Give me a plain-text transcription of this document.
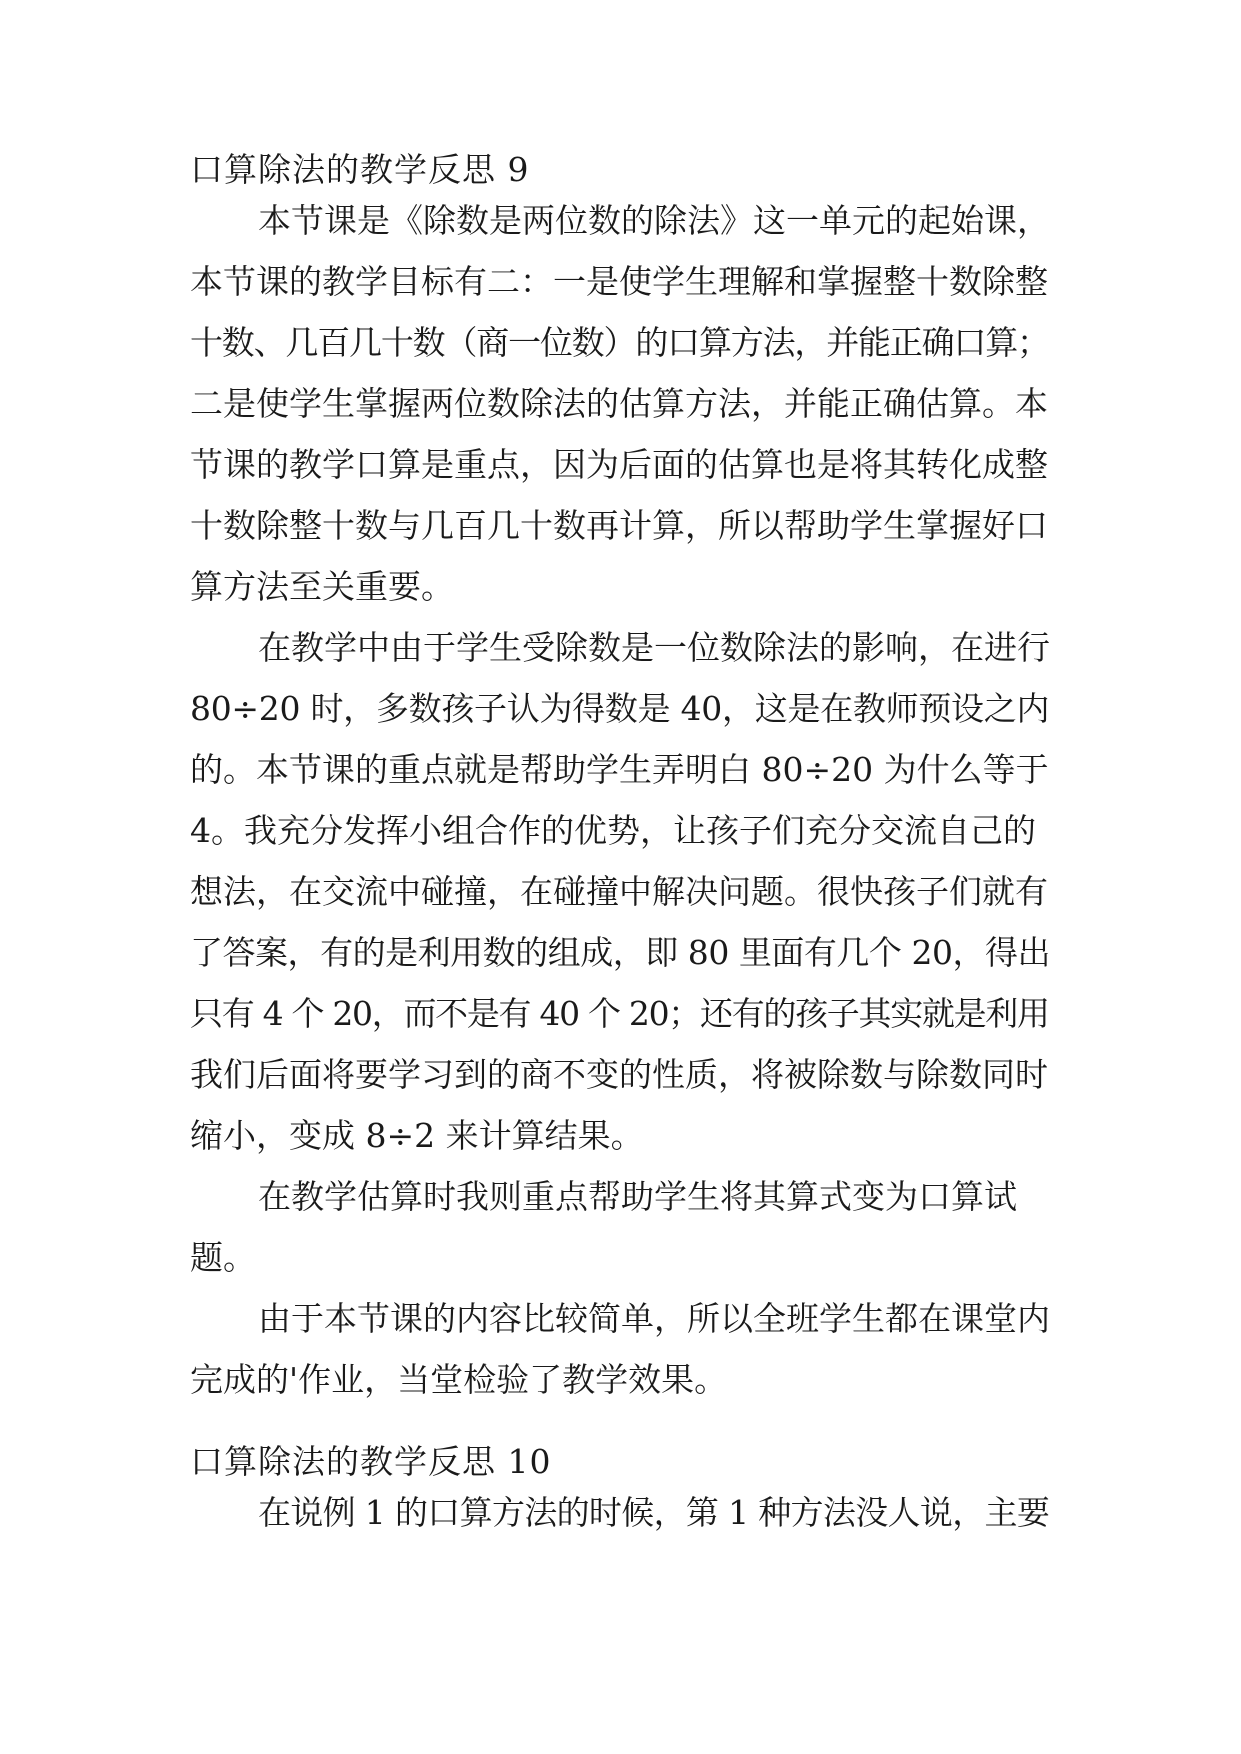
口算除法的教学反思 9
本节课是《除数是两位数的除法》这一单元的起始课，
本节课的教学目标有二：一是使学生理解和掌握整十数除整
十数、几百几十数（商一位数）的口算方法，并能正确口算；
二是使学生掌握两位数除法的估算方法，并能正确估算。本
节课的教学口算是重点，因为后面的估算也是将其转化成整
十数除整十数与几百几十数再计算，所以帮助学生掌握好口
算方法至关重要。
在教学中由于学生受除数是一位数除法的影响，在进行
80÷20 时，多数孩子认为得数是 40，这是在教师预设之内
的。本节课的重点就是帮助学生弄明白 80÷20 为什么等于
4。我充分发挥小组合作的优势，让孩子们充分交流自己的
想法，在交流中碰撞，在碰撞中解决问题。很快孩子们就有
了答案，有的是利用数的组成，即 80 里面有几个 20，得出
只有 4 个 20，而不是有 40 个 20；还有的孩子其实就是利用
我们后面将要学习到的商不变的性质，将被除数与除数同时
缩小，变成 8÷2 来计算结果。
在教学估算时我则重点帮助学生将其算式变为口算试
题。
由于本节课的内容比较简单，所以全班学生都在课堂内
完成的'作业，当堂检验了教学效果。
口算除法的教学反思 10
在说例 1 的口算方法的时候，第 1 种方法没人说，主要
